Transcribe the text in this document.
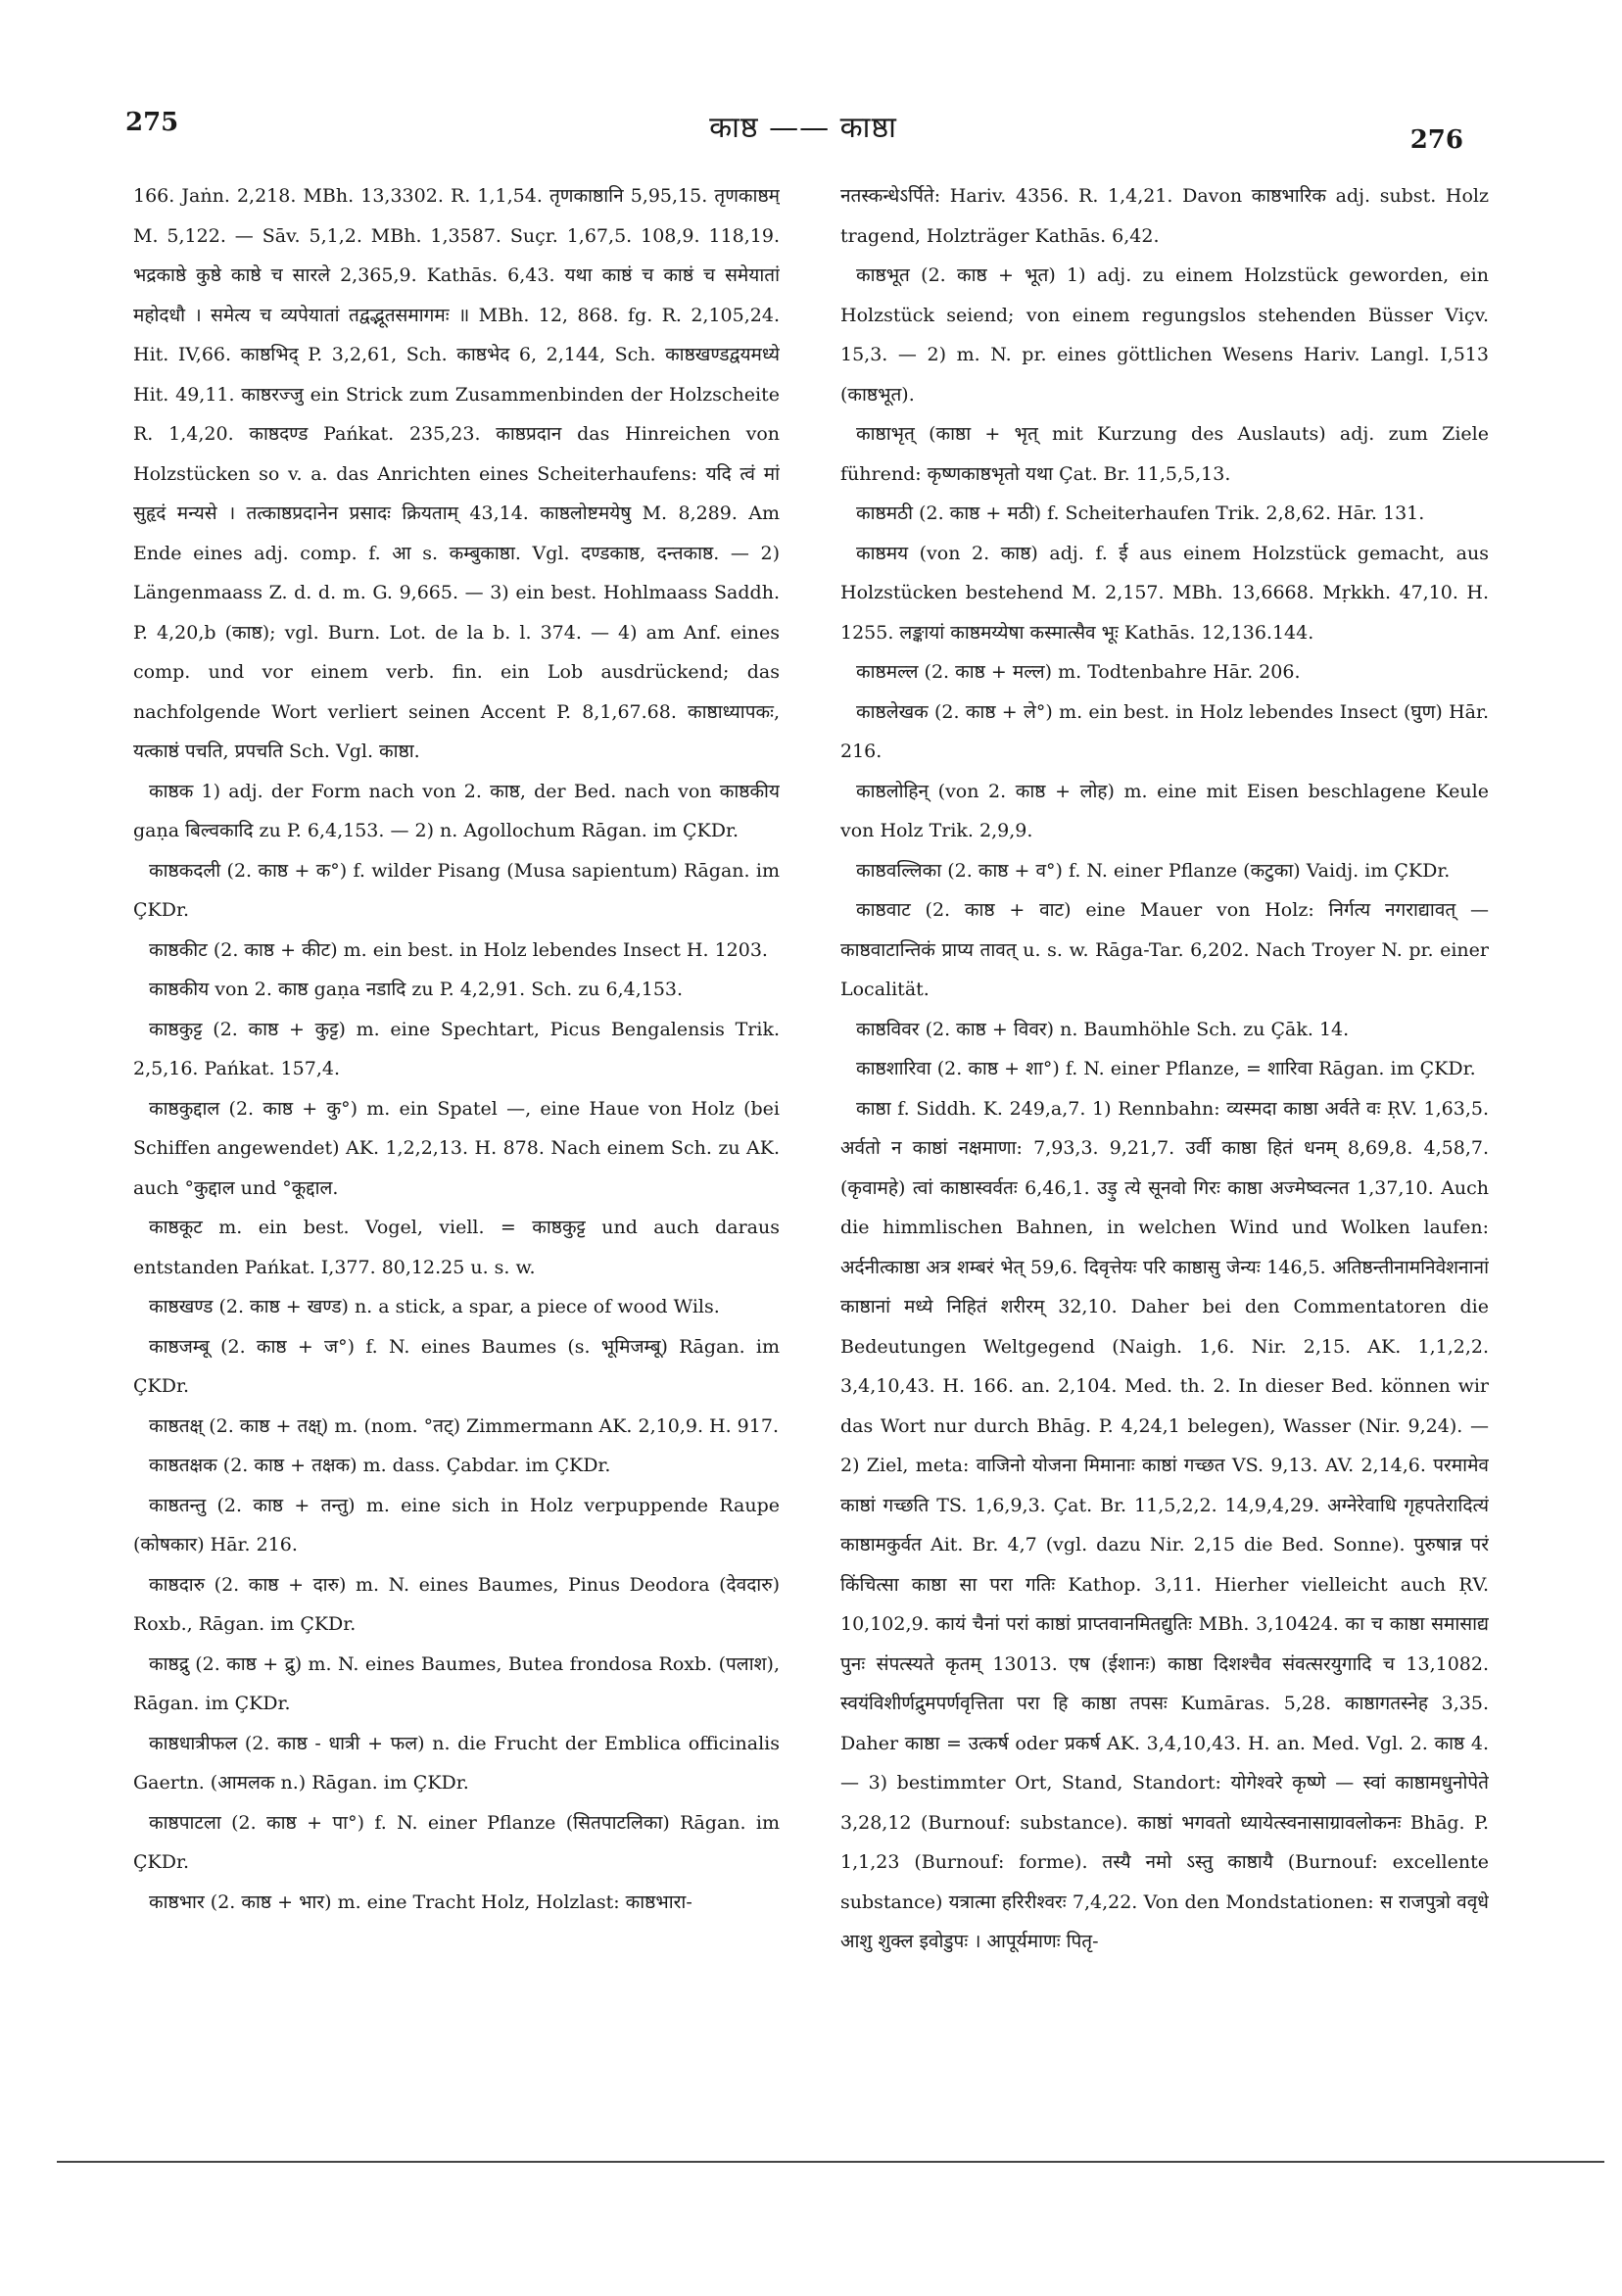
275	काष्ठ —— काष्ठा	276

166. Jaṅn. 2,218. MBh. 13,3302. R. 1,1,54. तृणकाष्ठानि 5,95,15. तृणकाष्ठम् M. 5,122. — Sāv. 5,1,2. MBh. 1,3587. Suçr. 1,67,5. 108,9. 118,19. भद्रकाष्ठे कुष्ठे काष्ठे च सारले 2,365,9. Kathās. 6,43. यथा काष्ठं च काष्ठं च समेयातां महोदधौ । समेत्य च व्यपेयातां तद्वद्भूतसमागमः ॥ MBh. 12, 868. fg. R. 2,105,24. Hit. IV,66. काष्ठभिद् P. 3,2,61, Sch. काष्ठभेद 6, 2,144, Sch. काष्ठखण्डद्वयमध्ये Hit. 49,11. काष्ठरज्जु ein Strick zum Zusammenbinden der Holzscheite R. 1,4,20. काष्ठदण्ड Pańkat. 235,23. काष्ठप्रदान das Hinreichen von Holzstücken so v. a. das Anrichten eines Scheiterhaufens: यदि त्वं मां सुहृदं मन्यसे । तत्काष्ठप्रदानेन प्रसादः क्रियताम् 43,14. काष्ठलोष्टमयेषु M. 8,289. Am Ende eines adj. comp. f. आ s. कम्बुकाष्ठा. Vgl. दण्डकाष्ठ, दन्तकाष्ठ. — 2) Längenmaass Z. d. d. m. G. 9,665. — 3) ein best. Hohlmaass Saddh. P. 4,20,b (काष्ठ); vgl. Burn. Lot. de la b. l. 374. — 4) am Anf. eines comp. und vor einem verb. fin. ein Lob ausdrückend; das nachfolgende Wort verliert seinen Accent P. 8,1,67.68. काष्ठाध्यापकः, यत्काष्ठं पचति, प्रपचति Sch. Vgl. काष्ठा.

काष्ठक 1) adj. der Form nach von 2. काष्ठ, der Bed. nach von काष्ठकीय gaṇa बिल्वकादि zu P. 6,4,153. — 2) n. Agollochum Rāgan. im ÇKDr.

काष्ठकदली (2. काष्ठ + क°) f. wilder Pisang (Musa sapientum) Rāgan. im ÇKDr.

काष्ठकीट (2. काष्ठ + कीट) m. ein best. in Holz lebendes Insect H. 1203.

काष्ठकीय von 2. काष्ठ gaṇa नडादि zu P. 4,2,91. Sch. zu 6,4,153.

काष्ठकुट्ट (2. काष्ठ + कुट्ट) m. eine Spechtart, Picus Bengalensis Trik. 2,5,16. Pańkat. 157,4.

काष्ठकुद्दाल (2. काष्ठ + कु°) m. ein Spatel —, eine Haue von Holz (bei Schiffen angewendet) AK. 1,2,2,13. H. 878. Nach einem Sch. zu AK. auch °कुद्दाल und °कूद्दाल.

काष्ठकूट m. ein best. Vogel, viell. = काष्ठकुट्ट und auch daraus entstanden Pańkat. I,377. 80,12.25 u. s. w.

काष्ठखण्ड (2. काष्ठ + खण्ड) n. a stick, a spar, a piece of wood Wils.

काष्ठजम्बू (2. काष्ठ + ज°) f. N. eines Baumes (s. भूमिजम्बू) Rāgan. im ÇKDr.

काष्ठतक्ष् (2. काष्ठ + तक्ष्) m. (nom. °तट्) Zimmermann AK. 2,10,9. H. 917.

काष्ठतक्षक (2. काष्ठ + तक्षक) m. dass. Çabdar. im ÇKDr.

काष्ठतन्तु (2. काष्ठ + तन्तु) m. eine sich in Holz verpuppende Raupe (कोषकार) Hār. 216.

काष्ठदारु (2. काष्ठ + दारु) m. N. eines Baumes, Pinus Deodora (देवदारु) Roxb., Rāgan. im ÇKDr.

काष्ठद्रु (2. काष्ठ + द्रु) m. N. eines Baumes, Butea frondosa Roxb. (पलाश), Rāgan. im ÇKDr.

काष्ठधात्रीफल (2. काष्ठ - धात्री + फल) n. die Frucht der Emblica officinalis Gaertn. (आमलक n.) Rāgan. im ÇKDr.

काष्ठपाटला (2. काष्ठ + पा°) f. N. einer Pflanze (सितपाटलिका) Rāgan. im ÇKDr.

काष्ठभार (2. काष्ठ + भार) m. eine Tracht Holz, Holzlast: काष्ठभारा-

नतस्कन्धेऽर्पिते: Hariv. 4356. R. 1,4,21. Davon काष्ठभारिक adj. subst. Holz tragend, Holzträger Kathās. 6,42.

काष्ठभूत (2. काष्ठ + भूत) 1) adj. zu einem Holzstück geworden, ein Holzstück seiend; von einem regungslos stehenden Büsser Viçv. 15,3. — 2) m. N. pr. eines göttlichen Wesens Hariv. Langl. I,513 (काष्ठभूत).

काष्ठाभृत् (काष्ठा + भृत् mit Kurzung des Auslauts) adj. zum Ziele führend: कृष्णकाष्ठभृतो यथा Çat. Br. 11,5,5,13.

काष्ठमठी (2. काष्ठ + मठी) f. Scheiterhaufen Trik. 2,8,62. Hār. 131.

काष्ठमय (von 2. काष्ठ) adj. f. ई aus einem Holzstück gemacht, aus Holzstücken bestehend M. 2,157. MBh. 13,6668. Mṛkkh. 47,10. H. 1255. लङ्कायां काष्ठमय्येषा कस्मात्सैव भूः Kathās. 12,136.144.

काष्ठमल्ल (2. काष्ठ + मल्ल) m. Todtenbahre Hār. 206.

काष्ठलेखक (2. काष्ठ + ले°) m. ein best. in Holz lebendes Insect (घुण) Hār. 216.

काष्ठलोहिन् (von 2. काष्ठ + लोह) m. eine mit Eisen beschlagene Keule von Holz Trik. 2,9,9.

काष्ठवल्लिका (2. काष्ठ + व°) f. N. einer Pflanze (कटुका) Vaidj. im ÇKDr.

काष्ठवाट (2. काष्ठ + वाट) eine Mauer von Holz: निर्गत्य नगराद्यावत् — काष्ठवाटान्तिकं प्राप्य तावत् u. s. w. Rāga-Tar. 6,202. Nach Troyer N. pr. einer Localität.

काष्ठविवर (2. काष्ठ + विवर) n. Baumhöhle Sch. zu Çāk. 14.

काष्ठशारिवा (2. काष्ठ + शा°) f. N. einer Pflanze, = शारिवा Rāgan. im ÇKDr.

काष्ठा f. Siddh. K. 249,a,7. 1) Rennbahn: व्यस्मदा काष्ठा अर्वते वः ṚV. 1,63,5. अर्वतो न काष्ठां नक्षमाणा: 7,93,3. 9,21,7. उर्वी काष्ठा हितं धनम् 8,69,8. 4,58,7. (कृवामहे) त्वां काष्ठास्वर्वतः 6,46,1. उड़ु त्ये सूनवो गिरः काष्ठा अज्मेष्वत्नत 1,37,10. Auch die himmlischen Bahnen, in welchen Wind und Wolken laufen: अर्दनीत्काष्ठा अत्र शम्बरं भेत् 59,6. दिवृत्तेयः परि काष्ठासु जेन्यः 146,5. अतिष्ठन्तीनामनिवेशनानां काष्ठानां मध्ये निहितं शरीरम् 32,10. Daher bei den Commentatoren die Bedeutungen Weltgegend (Naigh. 1,6. Nir. 2,15. AK. 1,1,2,2. 3,4,10,43. H. 166. an. 2,104. Med. th. 2. In dieser Bed. können wir das Wort nur durch Bhāg. P. 4,24,1 belegen), Wasser (Nir. 9,24). — 2) Ziel, meta: वाजिनो योजना मिमानाः काष्ठां गच्छत VS. 9,13. AV. 2,14,6. परमामेव काष्ठां गच्छति TS. 1,6,9,3. Çat. Br. 11,5,2,2. 14,9,4,29. अग्नेरेवाधि गृहपतेरादित्यं काष्ठामकुर्वत Ait. Br. 4,7 (vgl. dazu Nir. 2,15 die Bed. Sonne). पुरुषान्न परं किंचित्सा काष्ठा सा परा गतिः Kathop. 3,11. Hierher vielleicht auch ṚV. 10,102,9. कायं चैनां परां काष्ठां प्राप्तवानमितद्युतिः MBh. 3,10424. का च काष्ठा समासाद्य पुनः संपत्स्यते कृतम् 13013. एष (ईशानः) काष्ठा दिशश्चैव संवत्सरयुगादि च 13,1082. स्वयंविशीर्णद्रुमपर्णवृत्तिता परा हि काष्ठा तपसः Kumāras. 5,28. काष्ठागतस्नेह 3,35. Daher काष्ठा = उत्कर्ष oder प्रकर्ष AK. 3,4,10,43. H. an. Med. Vgl. 2. काष्ठ 4. — 3) bestimmter Ort, Stand, Standort: योगेश्वरे कृष्णे — स्वां काष्ठामधुनोपेते 3,28,12 (Burnouf: substance). काष्ठां भगवतो ध्यायेत्स्वनासाग्रावलोकनः Bhāg. P. 1,1,23 (Burnouf: forme). तस्यै नमो ऽस्तु काष्ठायै (Burnouf: excellente substance) यत्रात्मा हरिरीश्वरः 7,4,22. Von den Mondstationen: स राजपुत्रो ववृधे आशु शुक्ल इवोडुपः । आपूर्यमाणः पितृ-
